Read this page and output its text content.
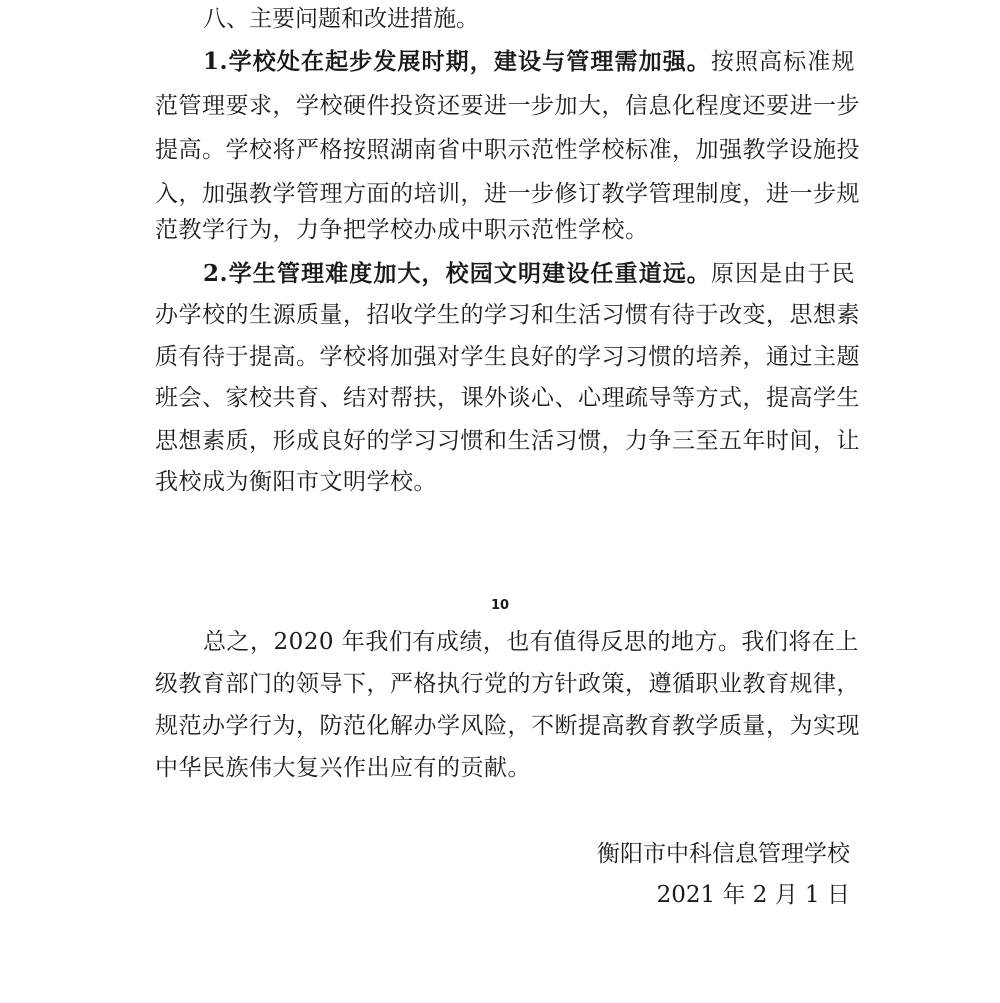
八、主要问题和改进措施。
1.学校处在起步发展时期，建设与管理需加强。按照高标准规
范管理要求，学校硬件投资还要进一步加大，信息化程度还要进一步
提高。学校将严格按照湖南省中职示范性学校标准，加强教学设施投
入，加强教学管理方面的培训，进一步修订教学管理制度，进一步规
范教学行为，力争把学校办成中职示范性学校。
2.学生管理难度加大，校园文明建设任重道远。原因是由于民
办学校的生源质量，招收学生的学习和生活习惯有待于改变，思想素
质有待于提高。学校将加强对学生良好的学习习惯的培养，通过主题
班会、家校共育、结对帮扶，课外谈心、心理疏导等方式，提高学生
思想素质，形成良好的学习习惯和生活习惯，力争三至五年时间，让
我校成为衡阳市文明学校。
10
总之，2020 年我们有成绩，也有值得反思的地方。我们将在上
级教育部门的领导下，严格执行党的方针政策，遵循职业教育规律，
规范办学行为，防范化解办学风险，不断提高教育教学质量，为实现
中华民族伟大复兴作出应有的贡献。
衡阳市中科信息管理学校
2021 年 2 月 1 日
